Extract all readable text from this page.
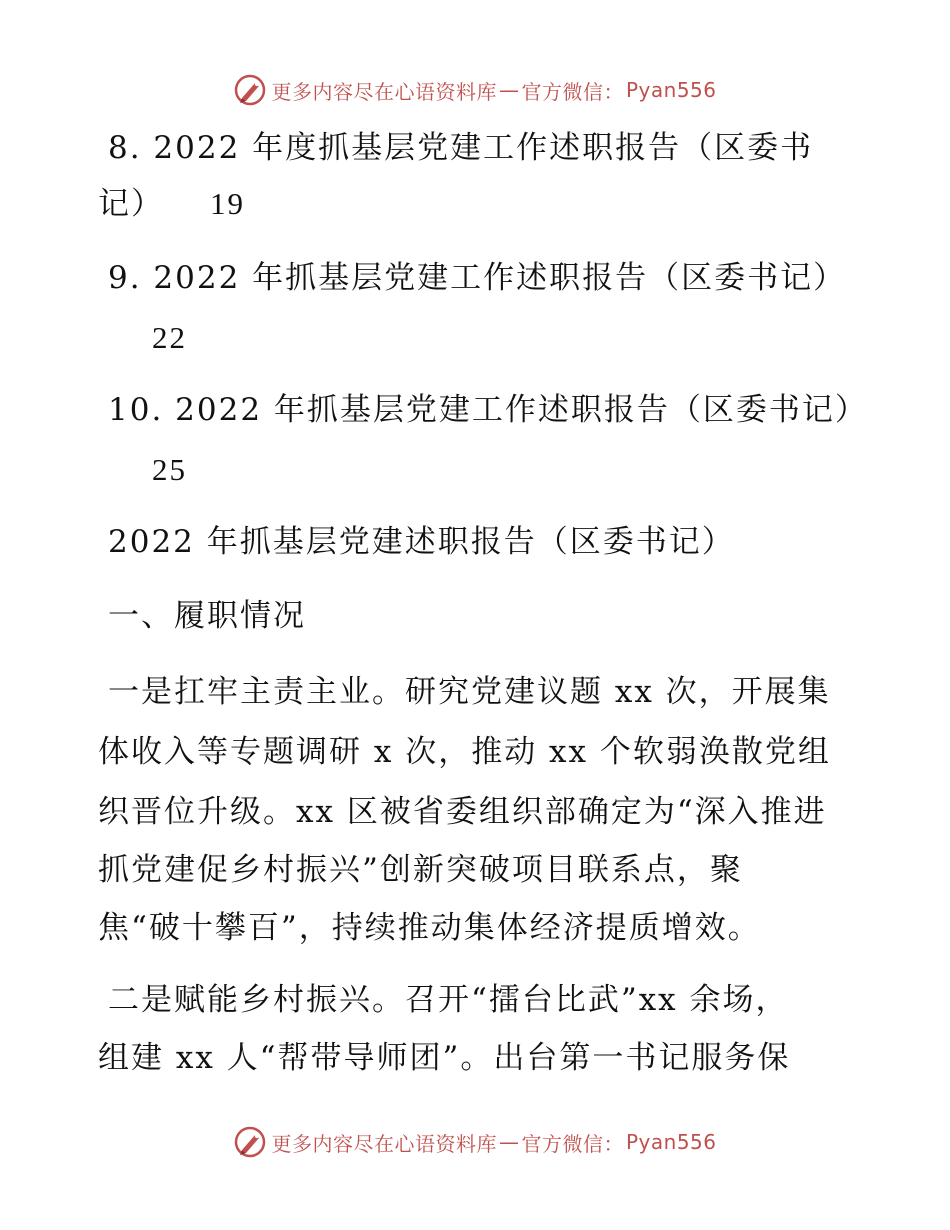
更多内容尽在心语资料库 — 官方微信： Pyan556
8. 2022 年度抓基层党建工作述职报告（区委书
记） 19
9. 2022 年抓基层党建工作述职报告（区委书记）
22
10. 2022 年抓基层党建工作述职报告（区委书记）
25
2022 年抓基层党建述职报告（区委书记）
一、履职情况
一是扛牢主责主业。研究党建议题 xx 次，开展集
体收入等专题调研 x 次，推动 xx 个软弱涣散党组
织晋位升级。xx 区被省委组织部确定为“深入推进
抓党建促乡村振兴”创新突破项目联系点，聚
焦“破十攀百”，持续推动集体经济提质增效。
二是赋能乡村振兴。召开“擂台比武”xx 余场，
组建 xx 人“帮带导师团”。出台第一书记服务保
更多内容尽在心语资料库 — 官方微信： Pyan556
